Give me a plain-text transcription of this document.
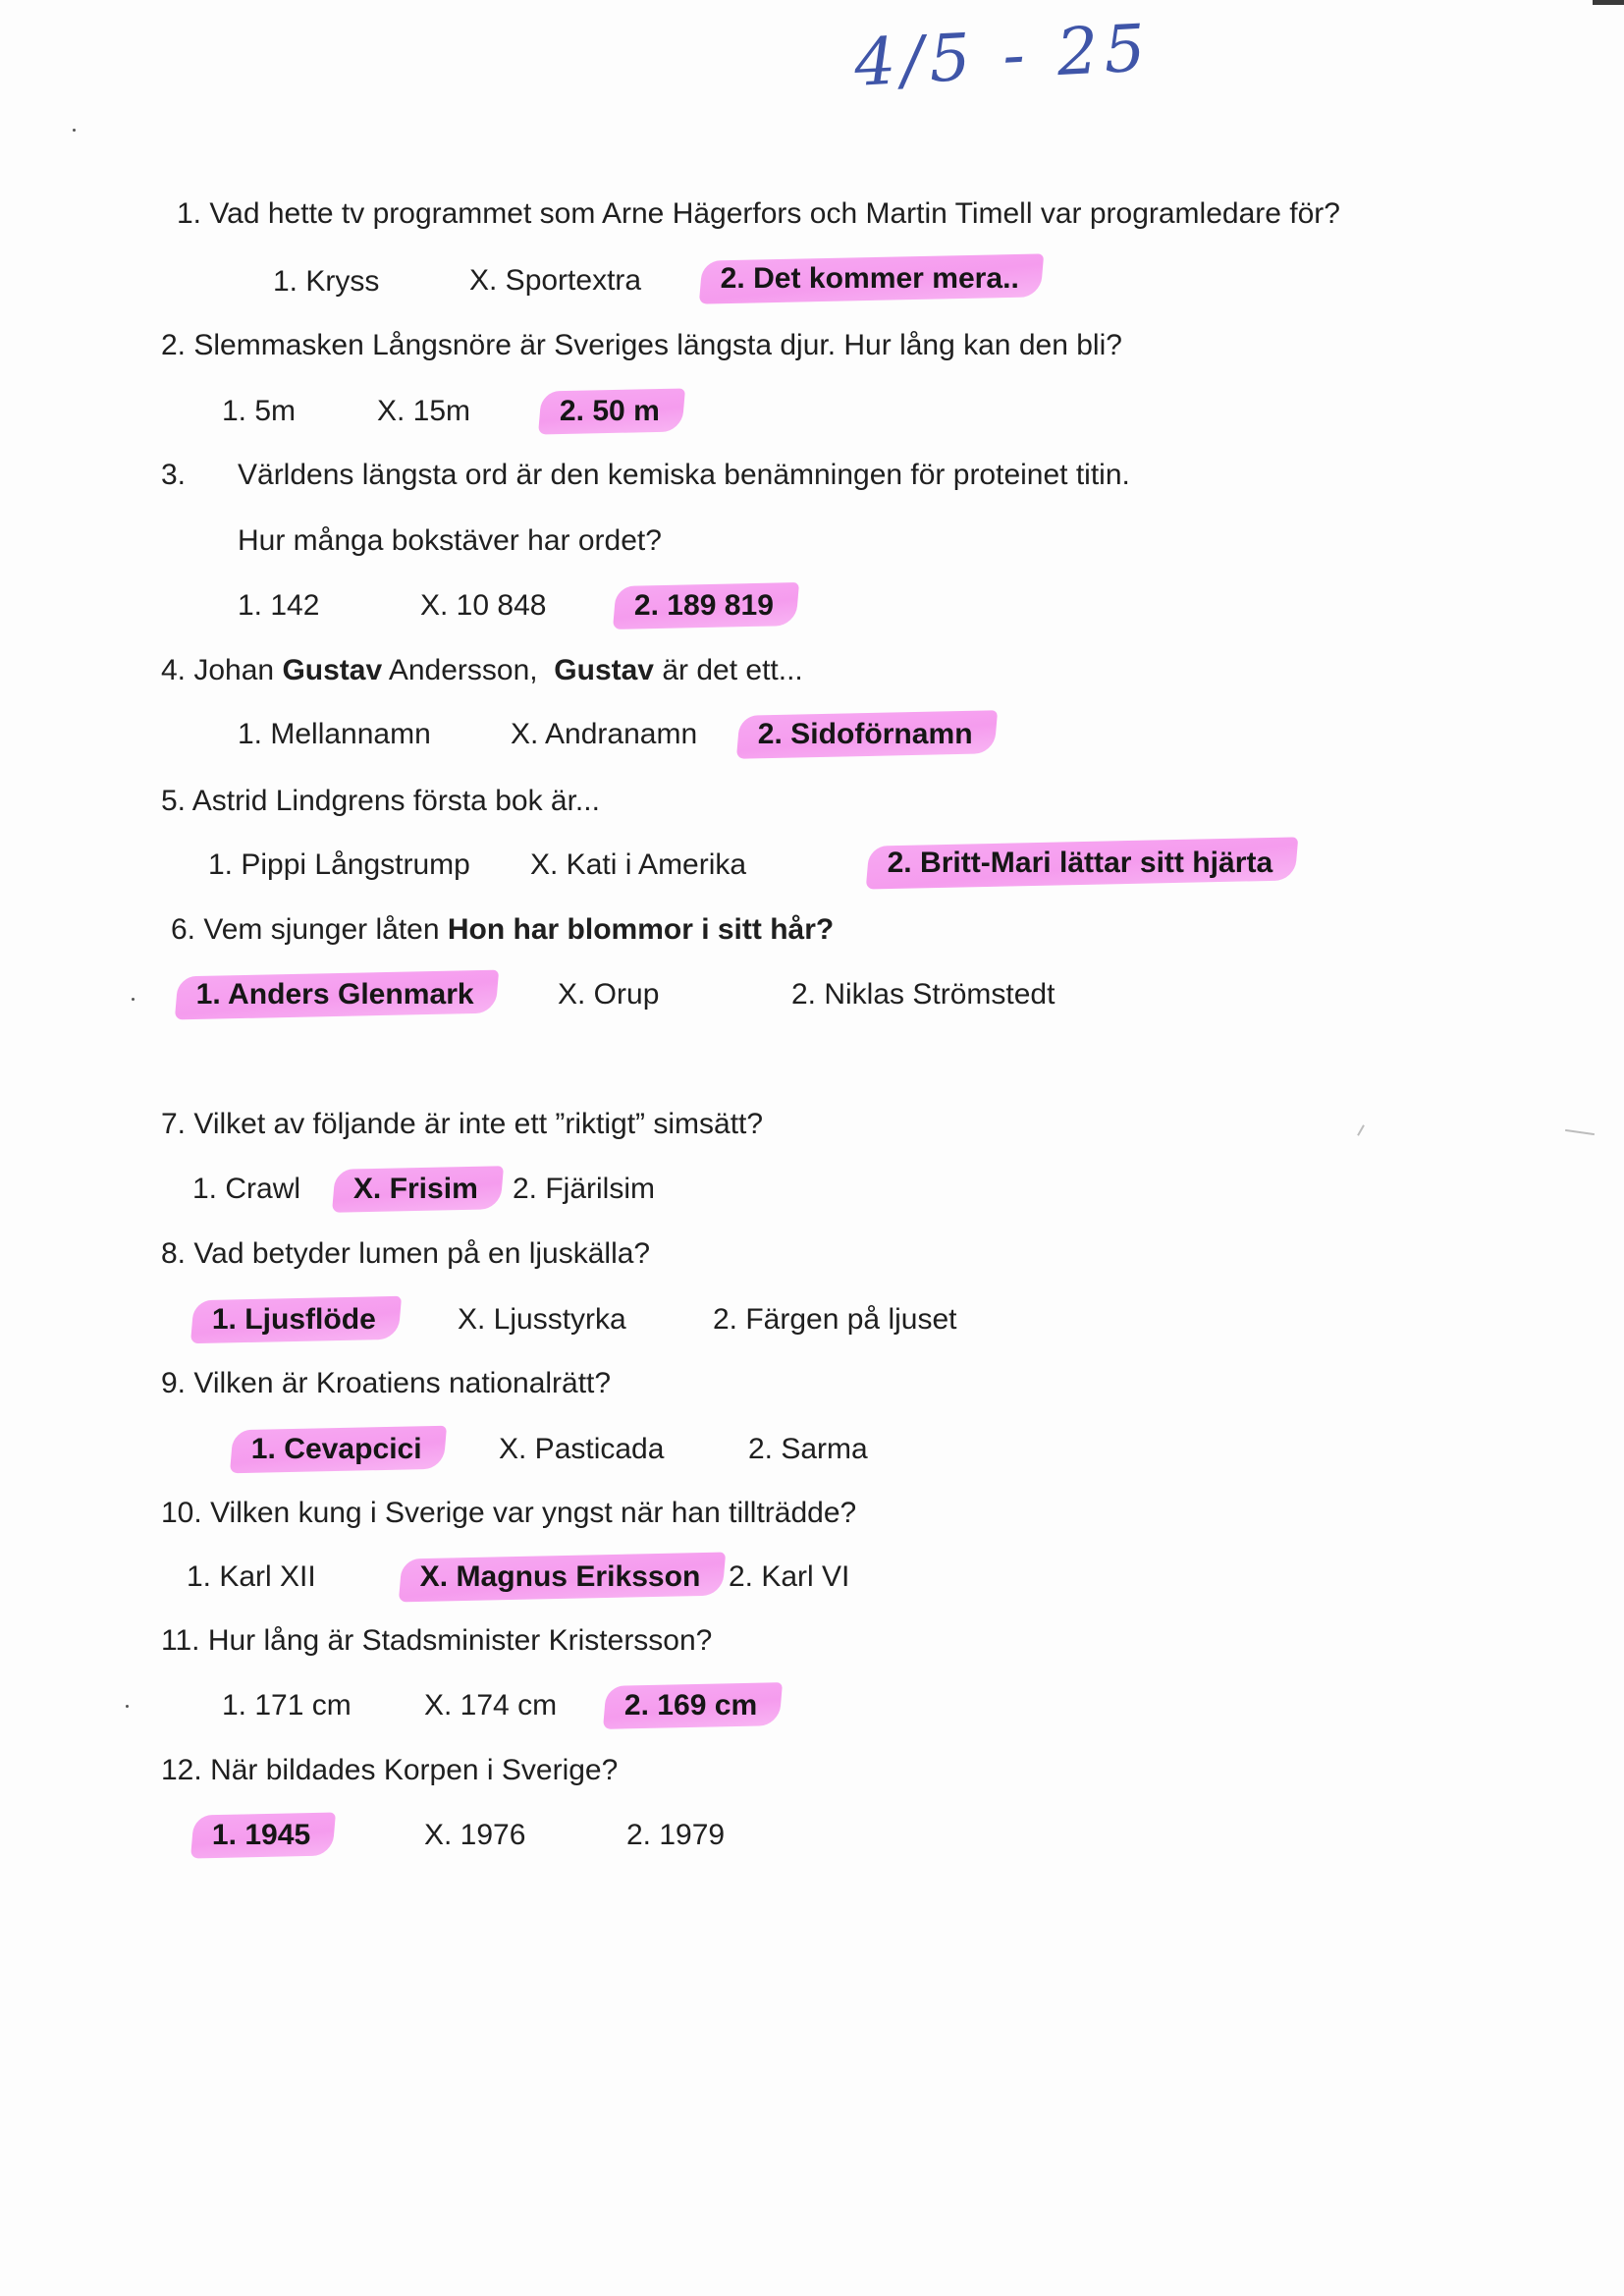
4/5 - 25
1. Vad hette tv programmet som Arne Hägerfors och Martin Timell var programledare för?
1. Kryss	X. Sportextra	2. Det kommer mera..
2. Slemmasken Långsnöre är Sveriges längsta djur. Hur lång kan den bli?
1. 5m	X. 15m	2. 50 m
3. Världens längsta ord är den kemiska benämningen för proteinet titin.
Hur många bokstäver har ordet?
1. 142	X. 10 848	2. 189 819
4. Johan Gustav Andersson,  Gustav är det ett...
1. Mellannamn	X. Andranamn	2. Sidoförnamn
5. Astrid Lindgrens första bok är...
1. Pippi Långstrump X. Kati i Amerika	2. Britt-Mari lättar sitt hjärta
6. Vem sjunger låten Hon har blommor i sitt hår?
1. Anders Glenmark	X. Orup	2. Niklas Strömstedt
7. Vilket av följande är inte ett ”riktigt” simsätt?
1. Crawl	X. Frisim	2. Fjärilsim
8. Vad betyder lumen på en ljuskälla?
1. Ljusflöde	X. Ljusstyrka	2. Färgen på ljuset
9. Vilken är Kroatiens nationalrätt?
1. Cevapcici	X. Pasticada	2. Sarma
10. Vilken kung i Sverige var yngst när han tillträdde?
1. Karl XII	X. Magnus Eriksson 2. Karl VI
11. Hur lång är Stadsminister Kristersson?
1. 171 cm X. 174 cm	2. 169 cm
12. När bildades Korpen i Sverige?
1. 1945	X. 1976	2. 1979
